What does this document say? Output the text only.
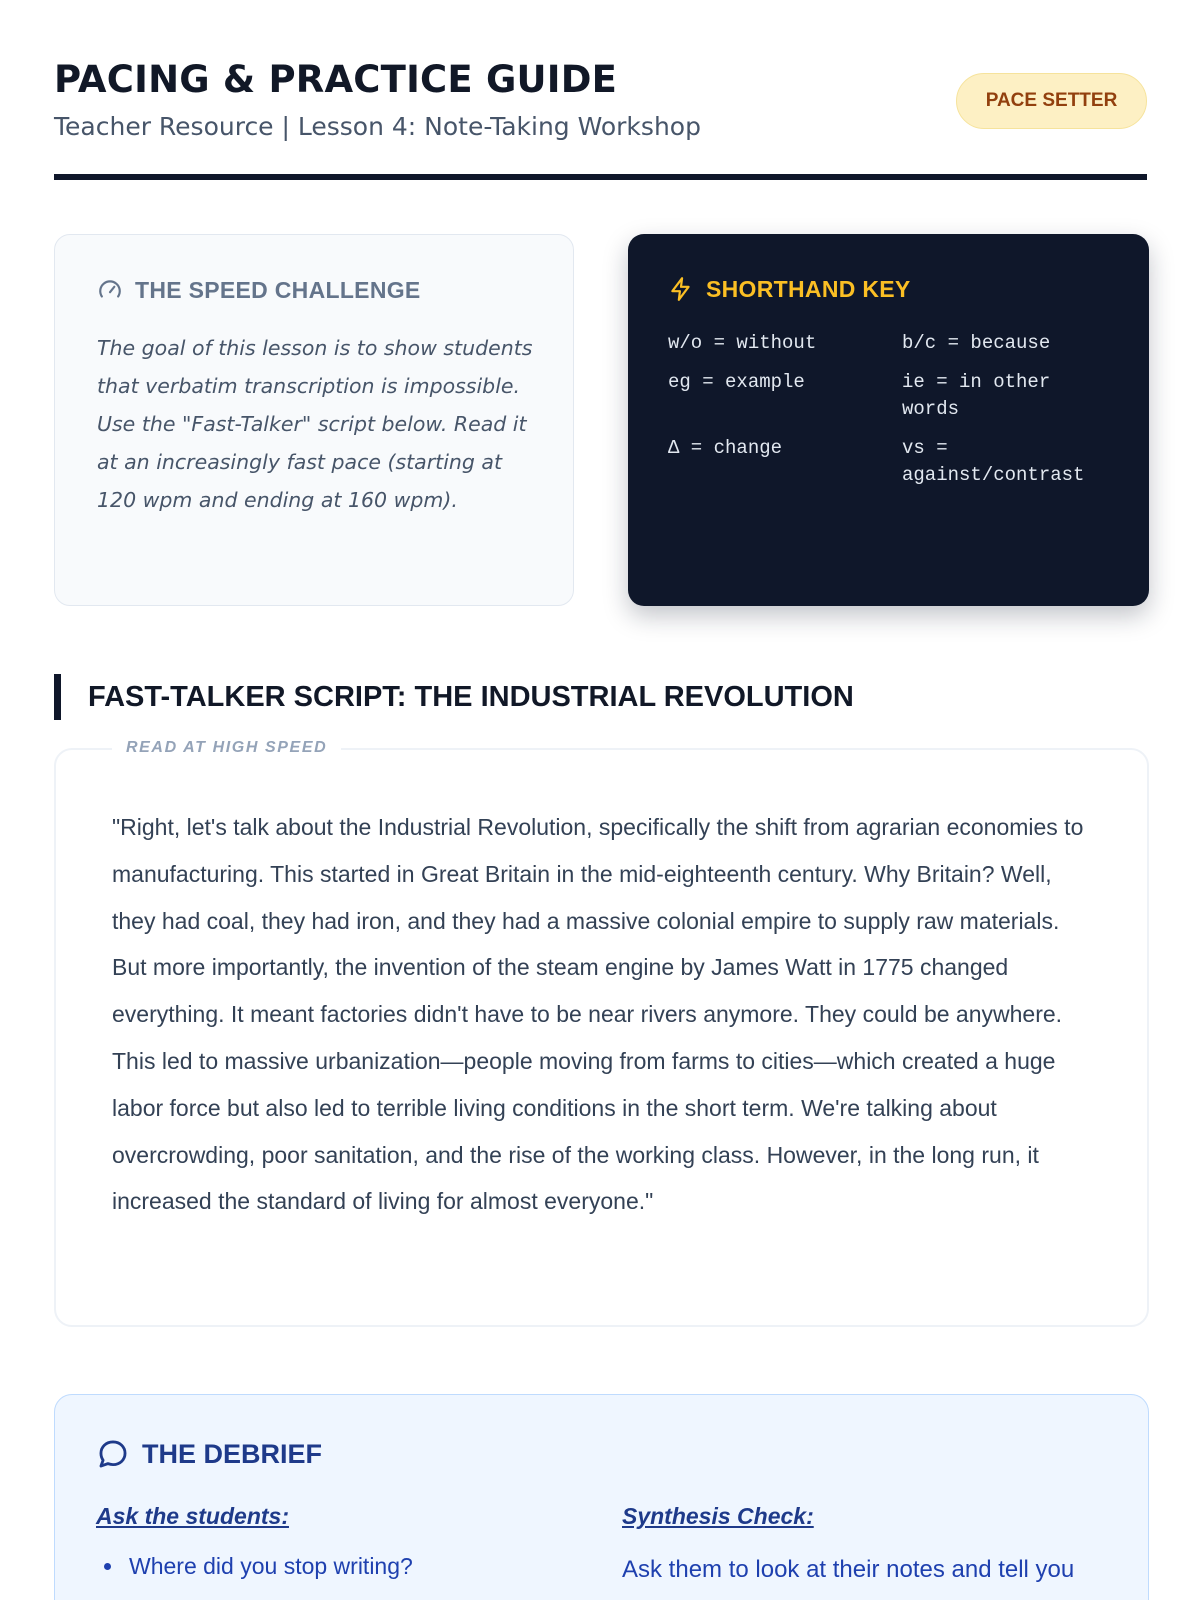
PACING & PRACTICE GUIDE
Teacher Resource | Lesson 4: Note-Taking Workshop
PACE SETTER
THE SPEED CHALLENGE

The goal of this lesson is to show students that verbatim transcription is impossible. Use the "Fast-Talker" script below. Read it at an increasingly fast pace (starting at 120 wpm and ending at 160 wpm).

SHORTHAND KEY
w/o = without	b/c = because
eg = example	ie = in other words
Δ = change	vs = against/contrast
FAST-TALKER SCRIPT: THE INDUSTRIAL REVOLUTION
READ AT HIGH SPEED

"Right, let's talk about the Industrial Revolution, specifically the shift from agrarian economies to manufacturing. This started in Great Britain in the mid-eighteenth century. Why Britain? Well, they had coal, they had iron, and they had a massive colonial empire to supply raw materials. But more importantly, the invention of the steam engine by James Watt in 1775 changed everything. It meant factories didn't have to be near rivers anymore. They could be anywhere. This led to massive urbanization—people moving from farms to cities—which created a huge labor force but also led to terrible living conditions in the short term. We're talking about overcrowding, poor sanitation, and the rise of the working class. However, in the long run, it increased the standard of living for almost everyone."

THE DEBRIEF
Ask the students:
Where did you stop writing?
Synthesis Check:

Ask them to look at their notes and tell you
